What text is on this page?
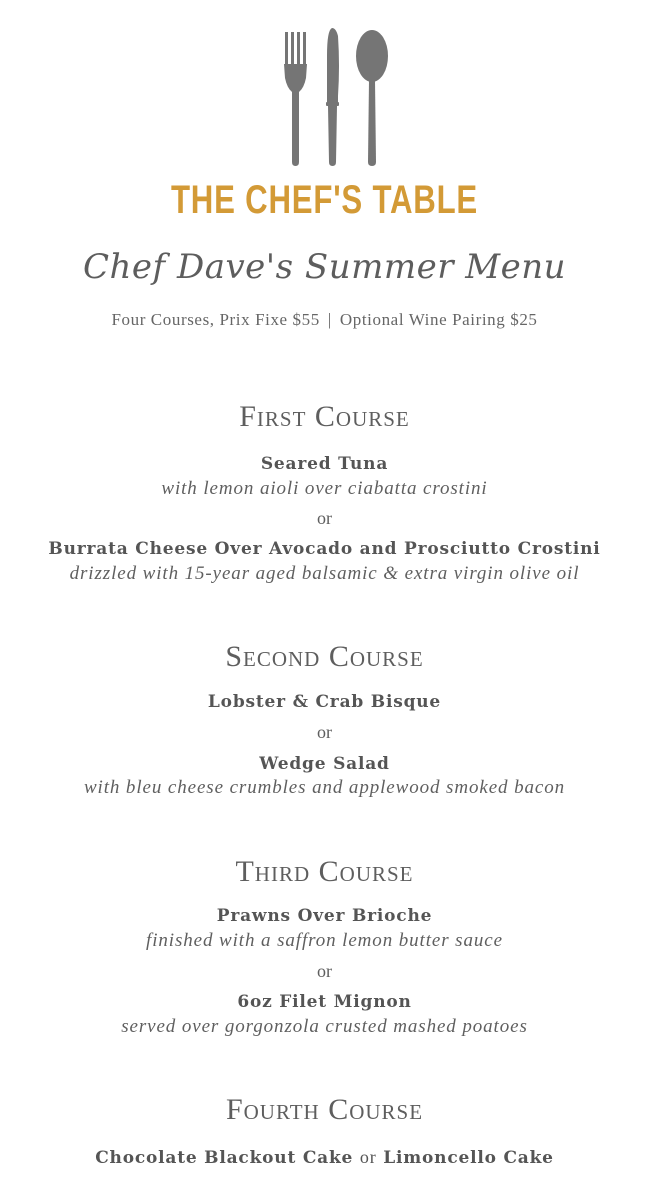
THE CHEF'S TABLE
Chef Dave's Summer Menu
Four Courses, Prix Fixe $55 | Optional Wine Pairing $25
First Course
Seared Tuna
with lemon aioli over ciabatta crostini
or
Burrata Cheese Over Avocado and Prosciutto Crostini
drizzled with 15-year aged balsamic & extra virgin olive oil
Second Course
Lobster & Crab Bisque
or
Wedge Salad
with bleu cheese crumbles and applewood smoked bacon
Third Course
Prawns Over Brioche
finished with a saffron lemon butter sauce
or
6oz Filet Mignon
served over gorgonzola crusted mashed poatoes
Fourth Course
Chocolate Blackout Cake or Limoncello Cake
